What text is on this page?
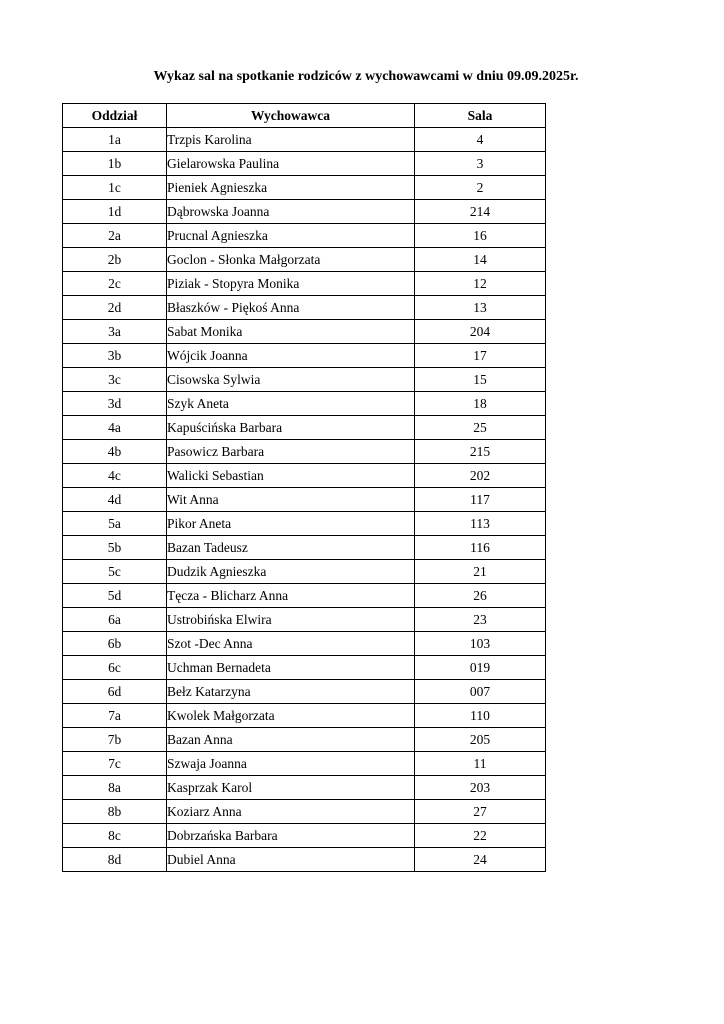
Wykaz sal na spotkanie rodziców z wychowawcami w dniu 09.09.2025r.
Oddział	Wychowawca	Sala
1a	Trzpis Karolina	4
1b	Gielarowska Paulina	3
1c	Pieniek Agnieszka	2
1d	Dąbrowska Joanna	214
2a	Prucnal Agnieszka	16
2b	Goclon - Słonka Małgorzata	14
2c	Piziak - Stopyra Monika	12
2d	Błaszków - Piękoś Anna	13
3a	Sabat Monika	204
3b	Wójcik Joanna	17
3c	Cisowska Sylwia	15
3d	Szyk Aneta	18
4a	Kapuścińska Barbara	25
4b	Pasowicz Barbara	215
4c	Walicki Sebastian	202
4d	Wit Anna	117
5a	Pikor Aneta	113
5b	Bazan Tadeusz	116
5c	Dudzik Agnieszka	21
5d	Tęcza - Blicharz Anna	26
6a	Ustrobińska Elwira	23
6b	Szot -Dec Anna	103
6c	Uchman Bernadeta	019
6d	Bełz Katarzyna	007
7a	Kwolek Małgorzata	110
7b	Bazan Anna	205
7c	Szwaja Joanna	11
8a	Kasprzak Karol	203
8b	Koziarz Anna	27
8c	Dobrzańska Barbara	22
8d	Dubiel Anna	24
